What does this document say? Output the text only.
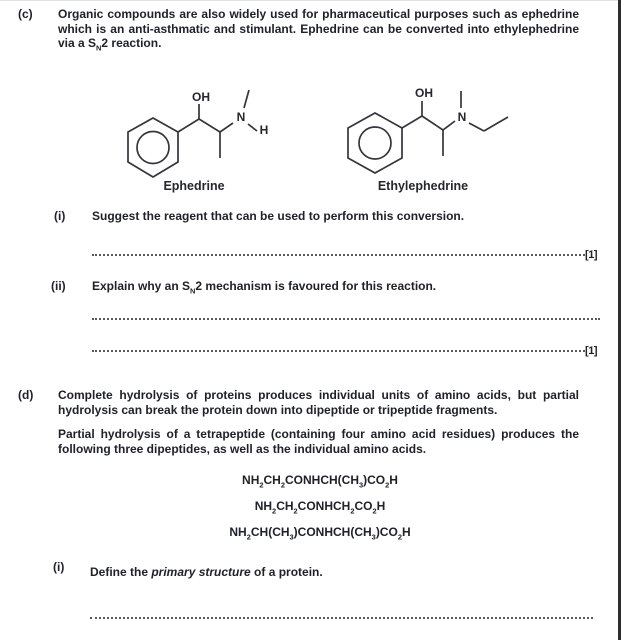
(c) Organic compounds are also widely used for pharmaceutical purposes such as ephedrine which is an anti-asthmatic and stimulant. Ephedrine can be converted into ethylephedrine via a $S_N2$ reaction.
OH
N
H
Ephedrine
OH
N
Ethylephedrine
(i) Suggest the reagent that can be used to perform this conversion.
[1]
(ii) Explain why an $S_N2$ mechanism is favoured for this reaction.
[1]
(d) Complete hydrolysis of proteins produces individual units of amino acids, but partial hydrolysis can break the protein down into dipeptide or tripeptide fragments.
Partial hydrolysis of a tetrapeptide (containing four amino acid residues) produces the following three dipeptides, as well as the individual amino acids.
$NH_2CH_2CONHCH(CH_3)CO_2H$
$NH_2CH_2CONHCH_2CO_2H$
$NH_2CH(CH_3)CONHCH(CH_3)CO_2H$
(i) Define the primary structure of a protein.
